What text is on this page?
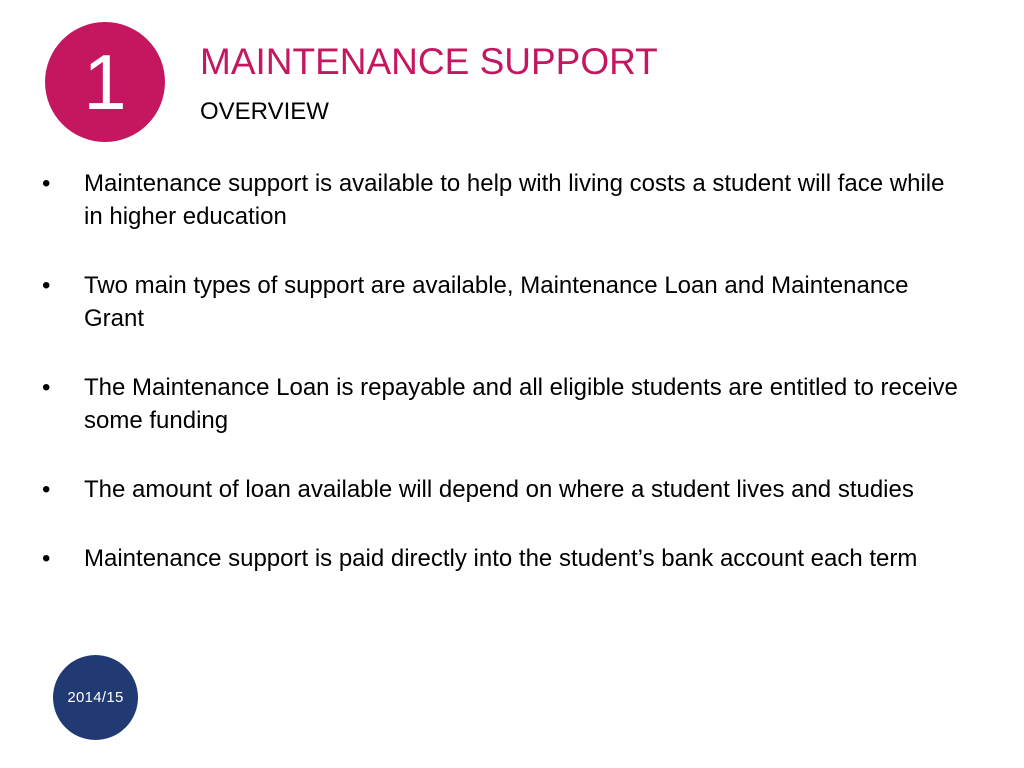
1 MAINTENANCE SUPPORT
OVERVIEW
•	Maintenance support is available to help with living costs a student will face while in higher education
•	Two main types of support are available, Maintenance Loan and Maintenance Grant
•	The Maintenance Loan is repayable and all eligible students are entitled to receive some funding
•	The amount of loan available will depend on where a student lives and studies
•	Maintenance support is paid directly into the student’s bank account each term
2014/15
